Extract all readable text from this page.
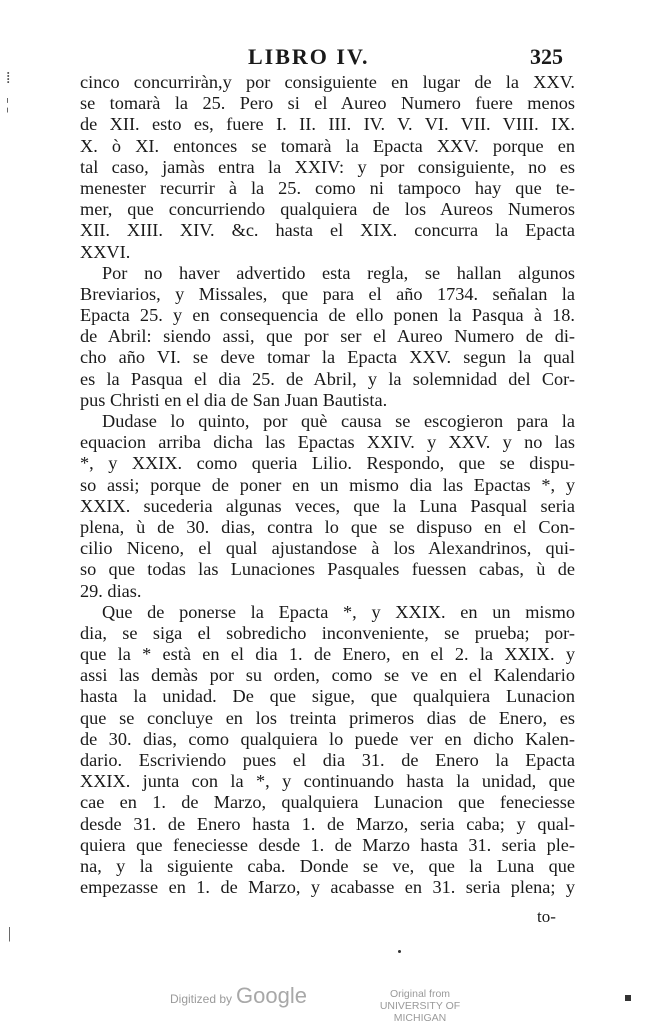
LIBRO IV.	325
⁞
¦
|
cinco concurriràn,y por consiguiente en lugar de la XXV.
se tomarà la 25. Pero si el Aureo Numero fuere menos
de XII. esto es, fuere I. II. III. IV. V. VI. VII. VIII. IX.
X. ò XI. entonces se tomarà la Epacta XXV. porque en
tal caso, jamàs entra la XXIV: y por consiguiente, no es
menester recurrir à la 25. como ni tampoco hay que te-
mer, que concurriendo qualquiera de los Aureos Numeros
XII. XIII. XIV. &c. hasta el XIX. concurra la Epacta
XXVI.
Por no haver advertido esta regla, se hallan algunos
Breviarios, y Missales, que para el año 1734. señalan la
Epacta 25. y en consequencia de ello ponen la Pasqua à 18.
de Abril: siendo assi, que por ser el Aureo Numero de di-
cho año VI. se deve tomar la Epacta XXV. segun la qual
es la Pasqua el dia 25. de Abril, y la solemnidad del Cor-
pus Christi en el dia de San Juan Bautista.
Dudase lo quinto, por què causa se escogieron para la
equacion arriba dicha las Epactas XXIV. y XXV. y no las
*, y XXIX. como queria Lilio. Respondo, que se dispu-
so assi; porque de poner en un mismo dia las Epactas *, y
XXIX. sucederia algunas veces, que la Luna Pasqual seria
plena, ù de 30. dias, contra lo que se dispuso en el Con-
cilio Niceno, el qual ajustandose à los Alexandrinos, qui-
so que todas las Lunaciones Pasquales fuessen cabas, ù de
29. dias.
Que de ponerse la Epacta *, y XXIX. en un mismo
dia, se siga el sobredicho inconveniente, se prueba; por-
que la * està en el dia 1. de Enero, en el 2. la XXIX. y
assi las demàs por su orden, como se ve en el Kalendario
hasta la unidad. De que sigue, que qualquiera Lunacion
que se concluye en los treinta primeros dias de Enero, es
de 30. dias, como qualquiera lo puede ver en dicho Kalen-
dario. Escriviendo pues el dia 31. de Enero la Epacta
XXIX. junta con la *, y continuando hasta la unidad, que
cae en 1. de Marzo, qualquiera Lunacion que feneciesse
desde 31. de Enero hasta 1. de Marzo, seria caba; y qual-
quiera que feneciesse desde 1. de Marzo hasta 31. seria ple-
na, y la siguiente caba. Donde se ve, que la Luna que
empezasse en 1. de Marzo, y acabasse en 31. seria plena; y
to-
Digitized by Google	Original from
UNIVERSITY OF MICHIGAN
